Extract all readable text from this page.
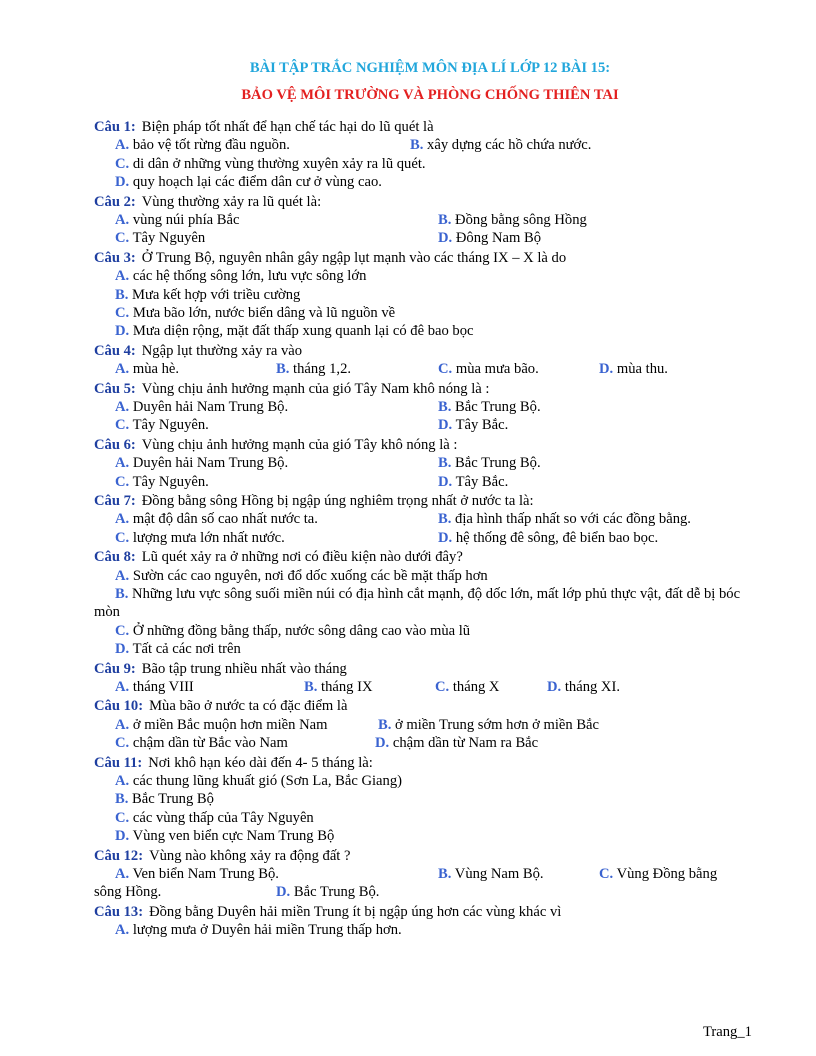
BÀI TẬP TRẮC NGHIỆM MÔN ĐỊA LÍ LỚP 12 BÀI 15:
BẢO VỆ MÔI TRƯỜNG VÀ PHÒNG CHỐNG THIÊN TAI
Câu 1: Biện pháp tốt nhất để hạn chế tác hại do lũ quét là
A. bảo vệ tốt rừng đầu nguồn.	B. xây dựng các hồ chứa nước.
C. di dân ở những vùng thường xuyên xảy ra lũ quét.
D. quy hoạch lại các điểm dân cư ở vùng cao.
Câu 2: Vùng thường xảy ra lũ quét là:
A. vùng núi phía Bắc	B. Đồng bằng sông Hồng
C. Tây Nguyên	D. Đông Nam Bộ
Câu 3: Ở Trung Bộ, nguyên nhân gây ngập lụt mạnh vào các tháng IX – X là do
A. các hệ thống sông lớn, lưu vực sông lớn
B. Mưa kết hợp với triều cường
C. Mưa bão lớn, nước biển dâng và lũ nguồn về
D. Mưa diện rộng, mặt đất thấp xung quanh lại có đê bao bọc
Câu 4: Ngập lụt thường xảy ra vào
A. mùa hè.	B. tháng 1,2.	C. mùa mưa bão.	D. mùa thu.
Câu 5: Vùng chịu ảnh hưởng mạnh của gió Tây Nam khô nóng là :
A. Duyên hải Nam Trung Bộ.	B. Bắc Trung Bộ.
C. Tây Nguyên.	D. Tây Bắc.
Câu 6: Vùng chịu ảnh hưởng mạnh của gió Tây khô nóng là :
A. Duyên hải Nam Trung Bộ.	B. Bắc Trung Bộ.
C. Tây Nguyên.	D. Tây Bắc.
Câu 7: Đồng bằng sông Hồng bị ngập úng nghiêm trọng nhất ở nước ta là:
A. mật độ dân số cao nhất nước ta.	B. địa hình thấp nhất so với các đồng bằng.
C. lượng mưa lớn nhất nước.	D. hệ thống đê sông, đê biển bao bọc.
Câu 8: Lũ quét xảy ra ở những nơi có điều kiện nào dưới đây?
A. Sườn các cao nguyên, nơi đổ dốc xuống các bề mặt thấp hơn
B. Những lưu vực sông suối miền núi có địa hình cắt mạnh, độ dốc lớn, mất lớp phủ thực vật, đất dễ bị bóc mòn
C. Ở những đồng bằng thấp, nước sông dâng cao vào mùa lũ
D. Tất cả các nơi trên
Câu 9: Bão tập trung nhiều nhất vào tháng
A. tháng VIII	B. tháng IX	C. tháng X	D. tháng XI.
Câu 10: Mùa bão ở nước ta có đặc điểm là
A. ở miền Bắc muộn hơn miền Nam	B. ở miền Trung sớm hơn ở miền Bắc
C. chậm dần từ Bắc vào Nam	D. chậm dần từ Nam ra Bắc
Câu 11: Nơi khô hạn kéo dài đến 4- 5 tháng là:
A. các thung lũng khuất gió (Sơn La, Bắc Giang)
B. Bắc Trung Bộ
C. các vùng thấp của Tây Nguyên
D. Vùng ven biển cực Nam Trung Bộ
Câu 12: Vùng nào không xảy ra động đất ?
A. Ven biển Nam Trung Bộ.	B. Vùng Nam Bộ.	C. Vùng Đồng bằng
sông Hồng.	D. Bắc Trung Bộ.
Câu 13: Đồng bằng Duyên hải miền Trung ít bị ngập úng hơn các vùng khác vì
A. lượng mưa ở Duyên hải miền Trung thấp hơn.
Trang_1
